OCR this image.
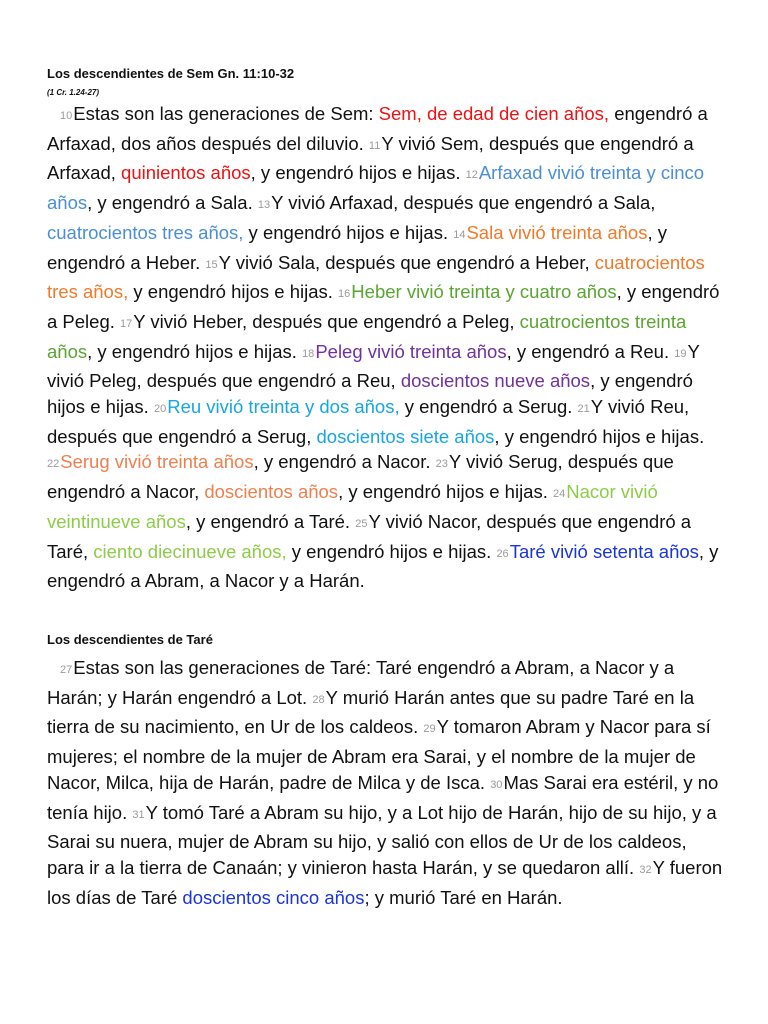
Los descendientes de Sem Gn. 11:10-32
(1 Cr. 1.24-27)

$^{10}$Estas son las generaciones de Sem: Sem, de edad de cien años, engendró a Arfaxad, dos años después del diluvio. $^{11}$Y vivió Sem, después que engendró a Arfaxad, quinientos años, y engendró hijos e hijas. $^{12}$Arfaxad vivió treinta y cinco años, y engendró a Sala. $^{13}$Y vivió Arfaxad, después que engendró a Sala, cuatrocientos tres años, y engendró hijos e hijas. $^{14}$Sala vivió treinta años, y engendró a Heber. $^{15}$Y vivió Sala, después que engendró a Heber, cuatrocientos tres años, y engendró hijos e hijas. $^{16}$Heber vivió treinta y cuatro años, y engendró a Peleg. $^{17}$Y vivió Heber, después que engendró a Peleg, cuatrocientos treinta años, y engendró hijos e hijas. $^{18}$Peleg vivió treinta años, y engendró a Reu. $^{19}$Y vivió Peleg, después que engendró a Reu, doscientos nueve años, y engendró hijos e hijas. $^{20}$Reu vivió treinta y dos años, y engendró a Serug. $^{21}$Y vivió Reu, después que engendró a Serug, doscientos siete años, y engendró hijos e hijas. $^{22}$Serug vivió treinta años, y engendró a Nacor. $^{23}$Y vivió Serug, después que engendró a Nacor, doscientos años, y engendró hijos e hijas. $^{24}$Nacor vivió veintinueve años, y engendró a Taré. $^{25}$Y vivió Nacor, después que engendró a Taré, ciento diecinueve años, y engendró hijos e hijas. $^{26}$Taré vivió setenta años, y engendró a Abram, a Nacor y a Harán.

Los descendientes de Taré

$^{27}$Estas son las generaciones de Taré: Taré engendró a Abram, a Nacor y a Harán; y Harán engendró a Lot. $^{28}$Y murió Harán antes que su padre Taré en la tierra de su nacimiento, en Ur de los caldeos. $^{29}$Y tomaron Abram y Nacor para sí mujeres; el nombre de la mujer de Abram era Sarai, y el nombre de la mujer de Nacor, Milca, hija de Harán, padre de Milca y de Isca. $^{30}$Mas Sarai era estéril, y no tenía hijo. $^{31}$Y tomó Taré a Abram su hijo, y a Lot hijo de Harán, hijo de su hijo, y a Sarai su nuera, mujer de Abram su hijo, y salió con ellos de Ur de los caldeos, para ir a la tierra de Canaán; y vinieron hasta Harán, y se quedaron allí. $^{32}$Y fueron los días de Taré doscientos cinco años; y murió Taré en Harán.
